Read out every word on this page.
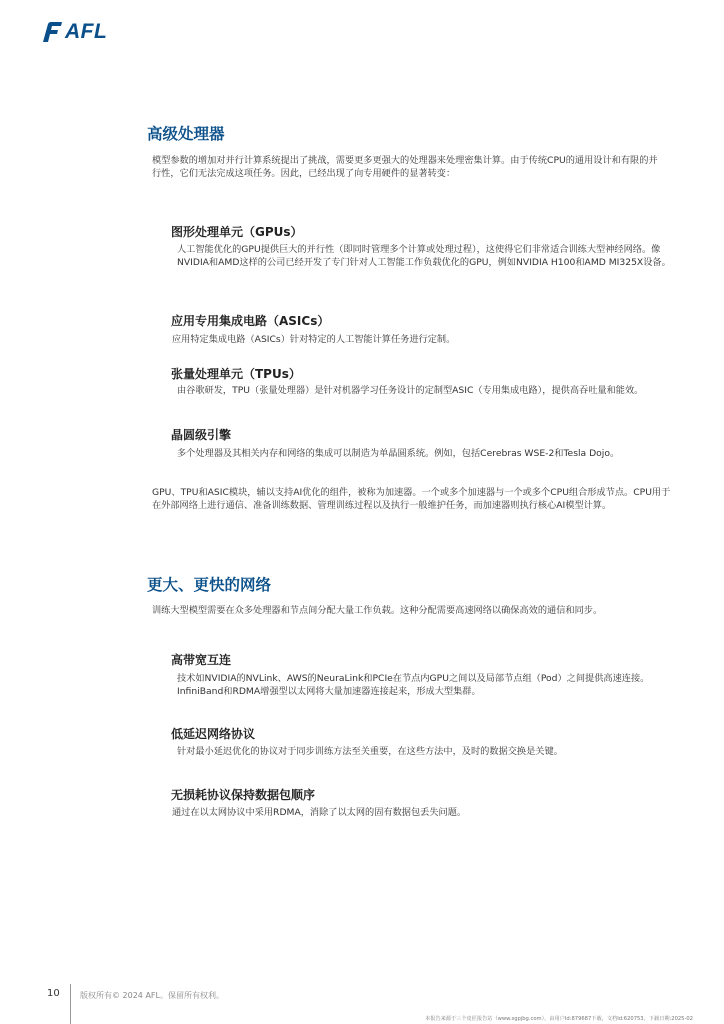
AFL
高级处理器

模型参数的增加对并行计算系统提出了挑战，需要更多更强大的处理器来处理密集计算。由于传统CPU的通用设计和有限的并行性，它们无法完成这项任务。因此，已经出现了向专用硬件的显著转变：

图形处理单元（GPUs）

人工智能优化的GPU提供巨大的并行性（即同时管理多个计算或处理过程），这使得它们非常适合训练大型神经网络。像NVIDIA和AMD这样的公司已经开发了专门针对人工智能工作负载优化的GPU，例如NVIDIA H100和AMD MI325X设备。

应用专用集成电路（ASICs）

应用特定集成电路（ASICs）针对特定的人工智能计算任务进行定制。

张量处理单元（TPUs）

由谷歌研发，TPU（张量处理器）是针对机器学习任务设计的定制型ASIC（专用集成电路），提供高吞吐量和能效。

晶圆级引擎

多个处理器及其相关内存和网络的集成可以制造为单晶圆系统。例如，包括Cerebras WSE-2和Tesla Dojo。

GPU、TPU和ASIC模块，辅以支持AI优化的组件，被称为加速器。一个或多个加速器与一个或多个CPU组合形成节点。CPU用于在外部网络上进行通信、准备训练数据、管理训练过程以及执行一般维护任务，而加速器则执行核心AI模型计算。

更大、更快的网络

训练大型模型需要在众多处理器和节点间分配大量工作负载。这种分配需要高速网络以确保高效的通信和同步。

高带宽互连

技术如NVIDIA的NVLink、AWS的NeuraLink和PCIe在节点内GPU之间以及局部节点组（Pod）之间提供高速连接。InfiniBand和RDMA增强型以太网将大量加速器连接起来，形成大型集群。

低延迟网络协议

针对最小延迟优化的协议对于同步训练方法至关重要，在这些方法中，及时的数据交换是关键。

无损耗协议保持数据包顺序

通过在以太网协议中采用RDMA，消除了以太网的固有数据包丢失问题。

10	版权所有© 2024 AFL。保留所有权利。
本报告来源于三个皮匠报告站（www.sgpjbg.com），由用户Id:879687下载，文档Id:620753，下载日期:2025-02
